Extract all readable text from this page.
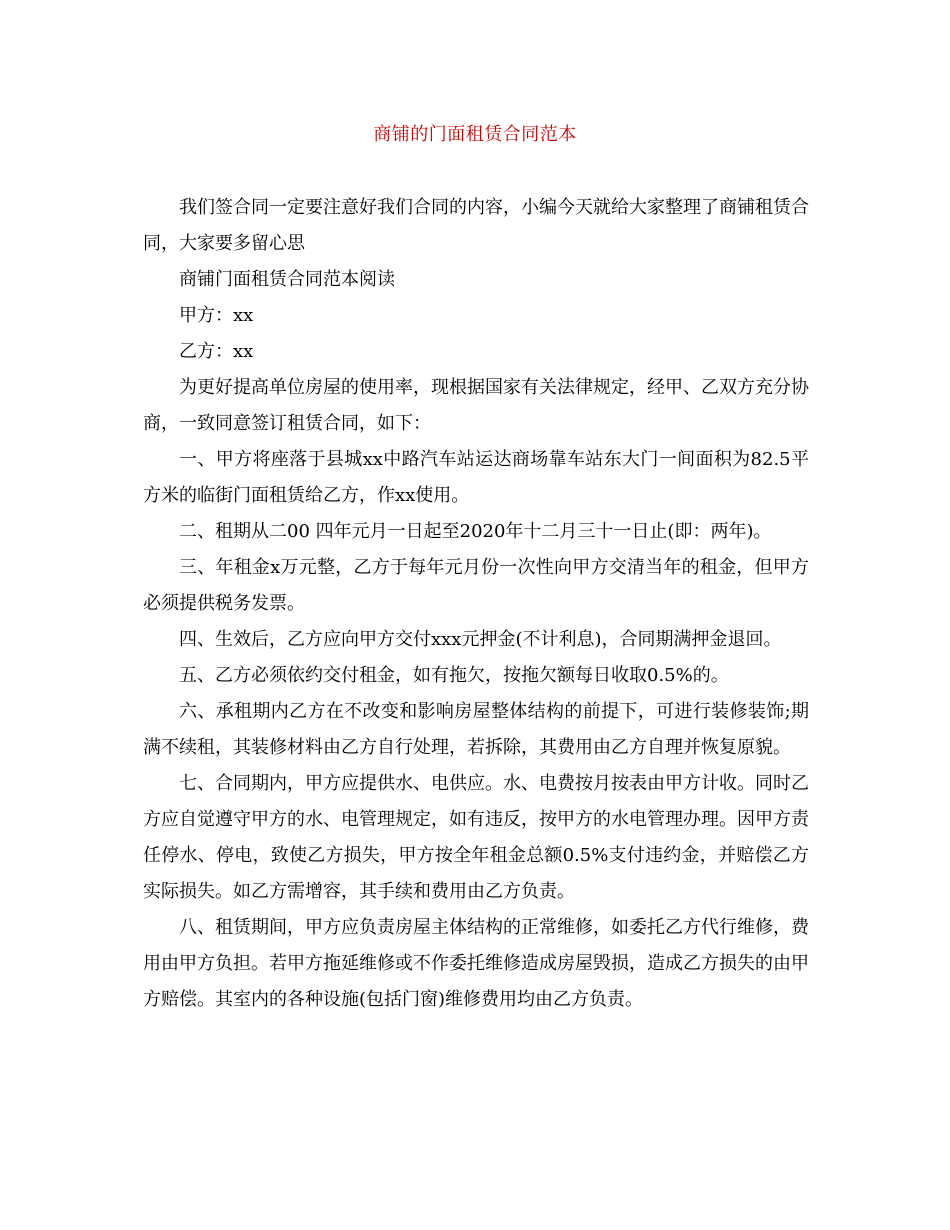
商铺的门面租赁合同范本

我们签合同一定要注意好我们合同的内容，小编今天就给大家整理了商铺租赁合同，大家要多留心思

商铺门面租赁合同范本阅读

甲方：xx

乙方：xx

为更好提高单位房屋的使用率，现根据国家有关法律规定，经甲、乙双方充分协商，一致同意签订租赁合同，如下：

一、甲方将座落于县城xx中路汽车站运达商场靠车站东大门一间面积为82.5平方米的临街门面租赁给乙方，作xx使用。

二、租期从二00 四年元月一日起至2020年十二月三十一日止(即：两年)。

三、年租金x万元整，乙方于每年元月份一次性向甲方交清当年的租金，但甲方必须提供税务发票。

四、生效后，乙方应向甲方交付xxx元押金(不计利息)，合同期满押金退回。

五、乙方必须依约交付租金，如有拖欠，按拖欠额每日收取0.5%的。

六、承租期内乙方在不改变和影响房屋整体结构的前提下，可进行装修装饰;期满不续租，其装修材料由乙方自行处理，若拆除，其费用由乙方自理并恢复原貌。

七、合同期内，甲方应提供水、电供应。水、电费按月按表由甲方计收。同时乙方应自觉遵守甲方的水、电管理规定，如有违反，按甲方的水电管理办理。因甲方责任停水、停电，致使乙方损失，甲方按全年租金总额0.5%支付违约金，并赔偿乙方实际损失。如乙方需增容，其手续和费用由乙方负责。

八、租赁期间，甲方应负责房屋主体结构的正常维修，如委托乙方代行维修，费用由甲方负担。若甲方拖延维修或不作委托维修造成房屋毁损，造成乙方损失的由甲方赔偿。其室内的各种设施(包括门窗)维修费用均由乙方负责。
